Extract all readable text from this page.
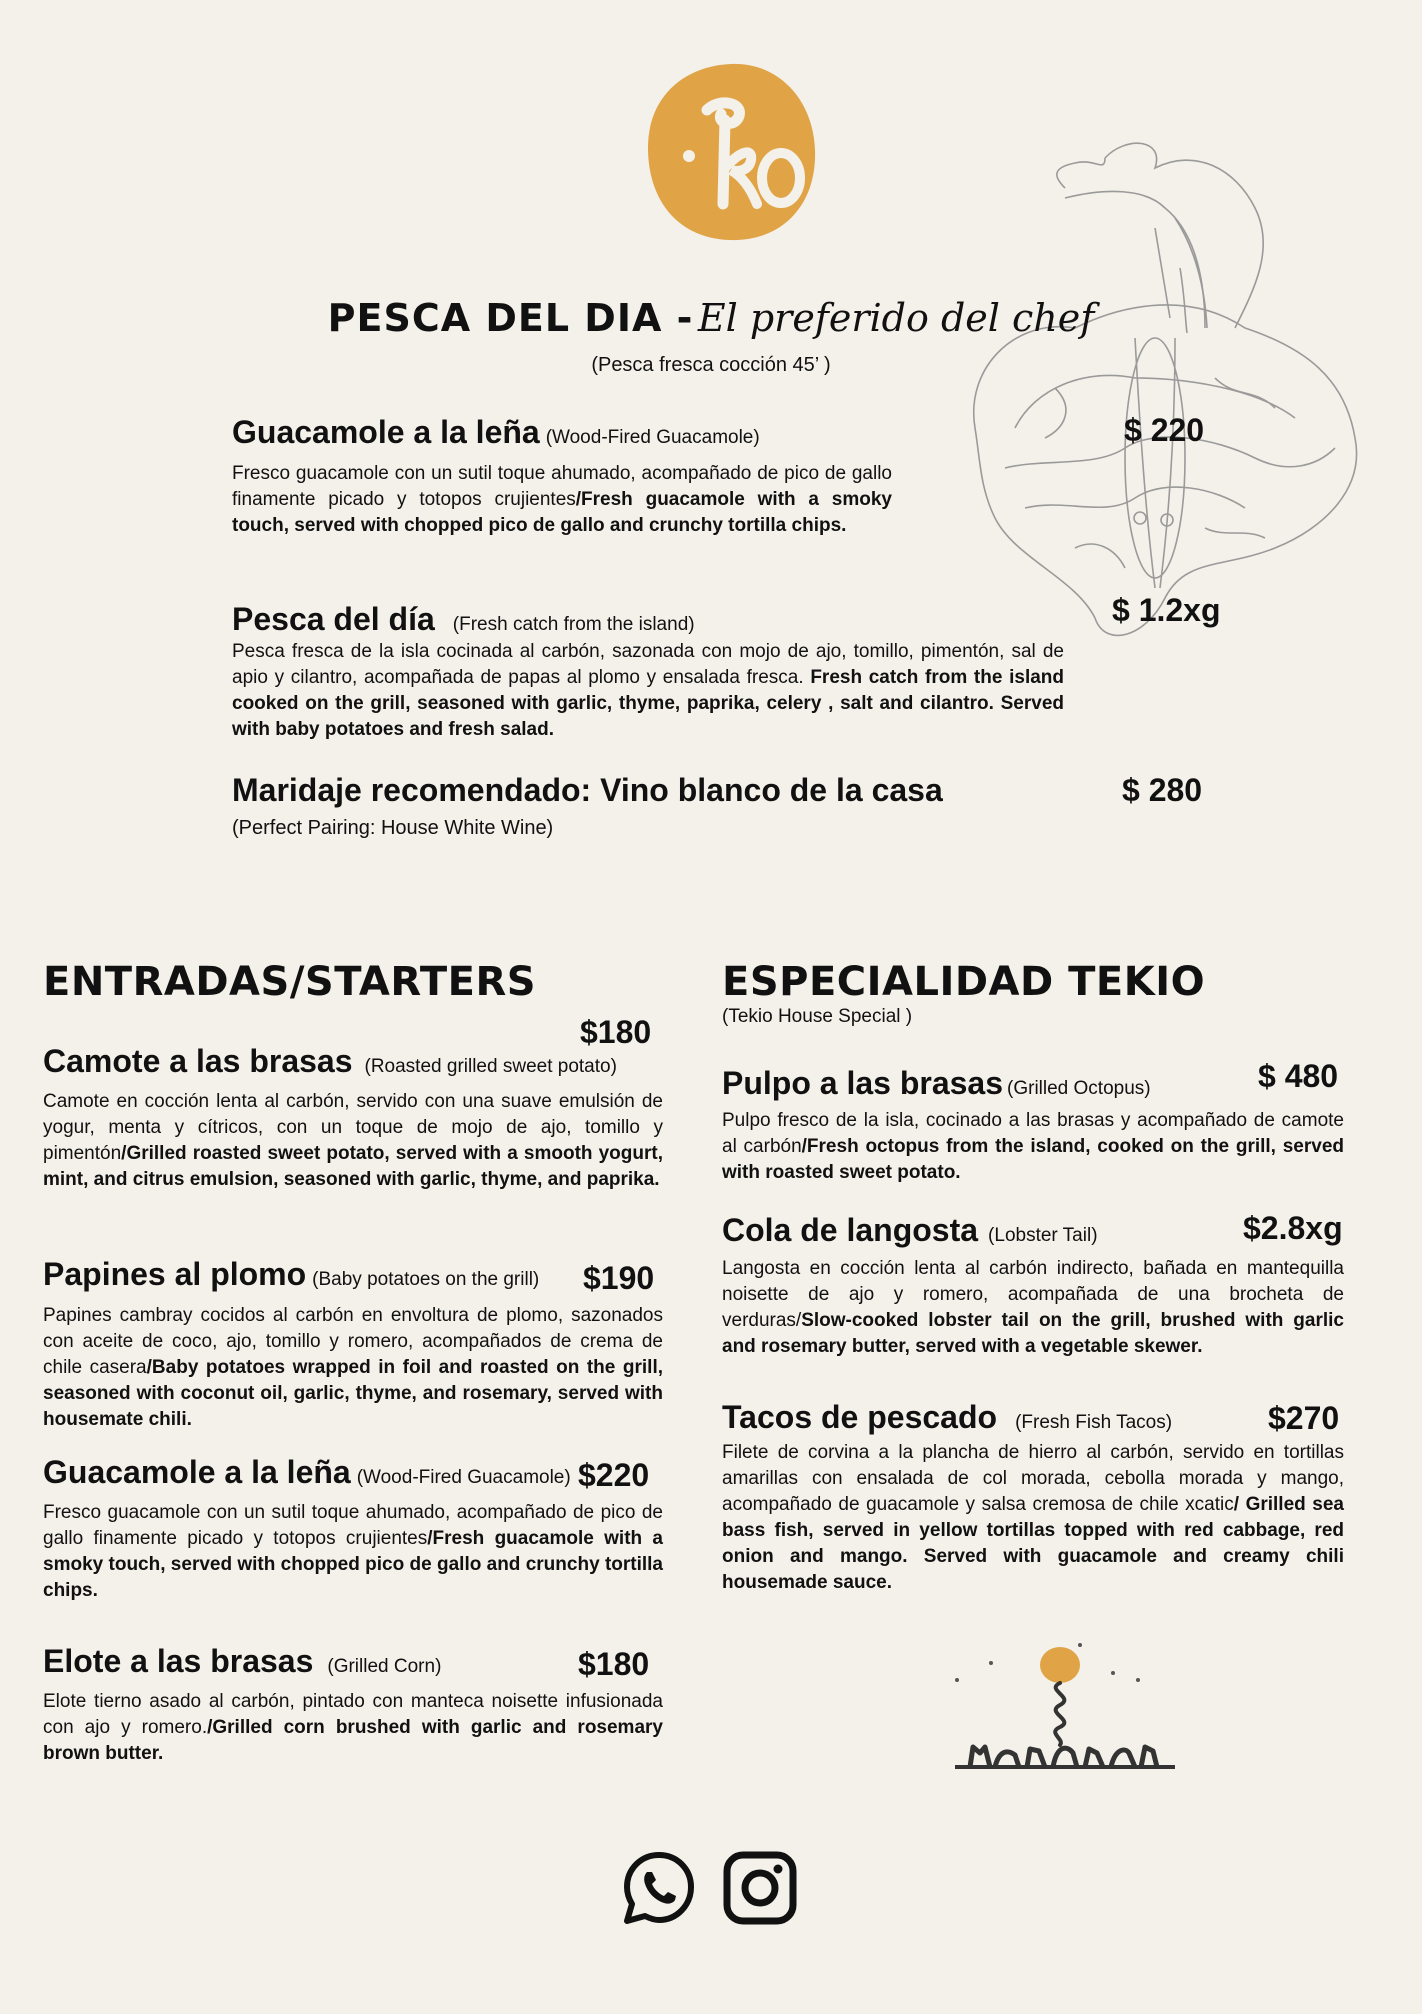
PESCA DEL DIA - El preferido del chef
(Pesca fresca cocción 45’ )
Guacamole a la leña (Wood-Fired Guacamole)	$ 220
Fresco guacamole con un sutil toque ahumado, acompañado de pico de gallo finamente picado y totopos crujientes/Fresh guacamole with a smoky touch, served with chopped pico de gallo and crunchy tortilla chips.
Pesca del día (Fresh catch from the island)	$ 1.2xg
Pesca fresca de la isla cocinada al carbón, sazonada con mojo de ajo, tomillo, pimentón, sal de apio y cilantro, acompañada de papas al plomo y ensalada fresca. Fresh catch from the island cooked on the grill, seasoned with garlic, thyme, paprika, celery , salt and cilantro. Served with baby potatoes and fresh salad.
Maridaje recomendado: Vino blanco de la casa	$ 280
(Perfect Pairing: House White Wine)
ENTRADAS/STARTERS
$180
Camote a las brasas (Roasted grilled sweet potato)
Camote en cocción lenta al carbón, servido con una suave emulsión de yogur, menta y cítricos, con un toque de mojo de ajo, tomillo y pimentón/Grilled roasted sweet potato, served with a smooth yogurt, mint, and citrus emulsion, seasoned with garlic, thyme, and paprika.
Papines al plomo (Baby potatoes on the grill) $190
Papines cambray cocidos al carbón en envoltura de plomo, sazonados con aceite de coco, ajo, tomillo y romero, acompañados de crema de chile casera/Baby potatoes wrapped in foil and roasted on the grill, seasoned with coconut oil, garlic, thyme, and rosemary, served with housemate chili.
Guacamole a la leña (Wood-Fired Guacamole) $220
Fresco guacamole con un sutil toque ahumado, acompañado de pico de gallo finamente picado y totopos crujientes/Fresh guacamole with a smoky touch, served with chopped pico de gallo and crunchy tortilla chips.
Elote a las brasas (Grilled Corn)	$180
Elote tierno asado al carbón, pintado con manteca noisette infusionada con ajo y romero./Grilled corn brushed with garlic and rosemary brown butter.
ESPECIALIDAD TEKIO
(Tekio House Special )
Pulpo a las brasas (Grilled Octopus)	$ 480
Pulpo fresco de la isla, cocinado a las brasas y acompañado de camote al carbón/Fresh octopus from the island, cooked on the grill, served with roasted sweet potato.
Cola de langosta (Lobster Tail)	$2.8xg
Langosta en cocción lenta al carbón indirecto, bañada en mantequilla noisette de ajo y romero, acompañada de una brocheta de verduras/Slow-cooked lobster tail on the grill, brushed with garlic and rosemary butter, served with a vegetable skewer.
Tacos de pescado (Fresh Fish Tacos)	$270
Filete de corvina a la plancha de hierro al carbón, servido en tortillas amarillas con ensalada de col morada, cebolla morada y mango, acompañado de guacamole y salsa cremosa de chile xcatic/ Grilled sea bass fish, served in yellow tortillas topped with red cabbage, red onion and mango. Served with guacamole and creamy chili housemade sauce.
